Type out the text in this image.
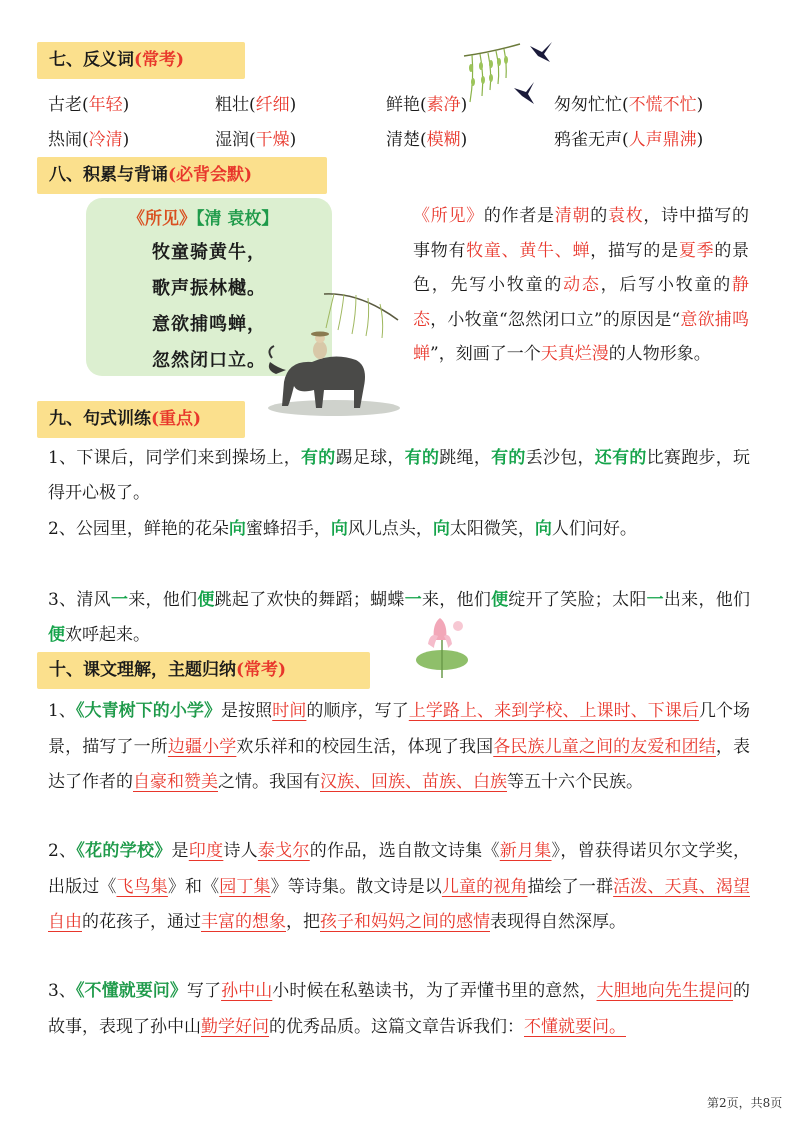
七、反义词(常考)
古老(年轻)	粗壮(纤细)	鲜艳(素净)	匆匆忙忙(不慌不忙)
热闹(冷清)	湿润(干燥)	清楚(模糊)	鸦雀无声(人声鼎沸)
八、积累与背诵(必背会默)
《所见》【清 袁枚】
牧童骑黄牛，
歌声振林樾。
意欲捕鸣蝉，
忽然闭口立。
《所见》的作者是清朝的袁枚，诗中描写的事物有牧童、黄牛、蝉，描写的是夏季的景色，先写小牧童的动态，后写小牧童的静态，小牧童“忽然闭口立”的原因是“意欲捕鸣蝉”，刻画了一个天真烂漫的人物形象。
九、句式训练(重点)
1、下课后，同学们来到操场上，有的踢足球，有的跳绳，有的丢沙包，还有的比赛跑步，玩得开心极了。
2、公园里，鲜艳的花朵向蜜蜂招手，向风儿点头，向太阳微笑，向人们问好。
3、清风一来，他们便跳起了欢快的舞蹈；蝴蝶一来，他们便绽开了笑脸；太阳一出来，他们便欢呼起来。
十、课文理解，主题归纳(常考)
1、《大青树下的小学》是按照时间的顺序，写了上学路上、来到学校、上课时、下课后几个场景，描写了一所边疆小学欢乐祥和的校园生活，体现了我国各民族儿童之间的友爱和团结，表达了作者的自豪和赞美之情。我国有汉族、回族、苗族、白族等五十六个民族。
2、《花的学校》是印度诗人泰戈尔的作品，选自散文诗集《新月集》，曾获得诺贝尔文学奖，出版过《飞鸟集》和《园丁集》等诗集。散文诗是以儿童的视角描绘了一群活泼、天真、渴望自由的花孩子，通过丰富的想象，把孩子和妈妈之间的感情表现得自然深厚。
3、《不懂就要问》写了孙中山小时候在私塾读书，为了弄懂书里的意然，大胆地向先生提问的故事，表现了孙中山勤学好问的优秀品质。这篇文章告诉我们：不懂就要问。
第2页，共8页
